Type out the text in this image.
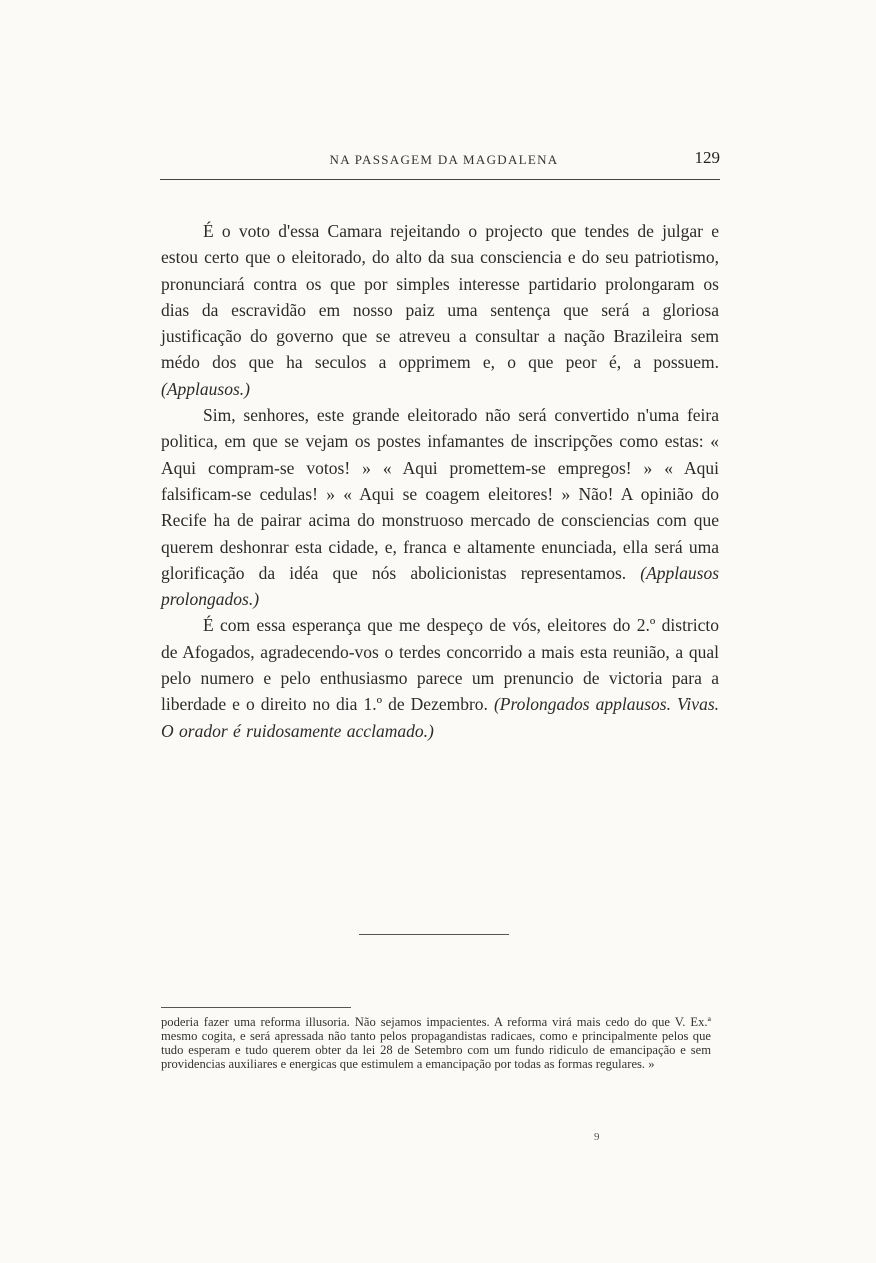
NA PASSAGEM DA MAGDALENA	129

É o voto d'essa Camara rejeitando o projecto que tendes de julgar e estou certo que o eleitorado, do alto da sua consciencia e do seu patriotismo, pronunciará contra os que por simples interesse partidario prolongaram os dias da escravidão em nosso paiz uma sentença que será a gloriosa justificação do governo que se atreveu a consultar a nação Brazileira sem médo dos que ha seculos a opprimem e, o que peor é, a possuem. (Applausos.)

Sim, senhores, este grande eleitorado não será convertido n'uma feira politica, em que se vejam os postes infamantes de inscripções como estas: « Aqui compram-se votos! » « Aqui promettem-se empregos! » « Aqui falsificam-se cedulas! » « Aqui se coagem eleitores! » Não! A opinião do Recife ha de pairar acima do monstruoso mercado de consciencias com que querem deshonrar esta cidade, e, franca e altamente enunciada, ella será uma glorificação da idéa que nós abolicionistas representamos. (Applausos prolongados.)

É com essa esperança que me despeço de vós, eleitores do 2.º districto de Afogados, agradecendo-vos o terdes concorrido a mais esta reunião, a qual pelo numero e pelo enthusiasmo parece um prenuncio de victoria para a liberdade e o direito no dia 1.º de Dezembro. (Prolongados applausos. Vivas. O orador é ruidosamente acclamado.)

poderia fazer uma reforma illusoria. Não sejamos impacientes. A reforma virá mais cedo do que V. Ex.ª mesmo cogita, e será apressada não tanto pelos propagandistas radicaes, como e principalmente pelos que tudo esperam e tudo querem obter da lei 28 de Setembro com um fundo ridiculo de emancipação e sem providencias auxiliares e energicas que estimulem a emancipação por todas as formas regulares. »
9
